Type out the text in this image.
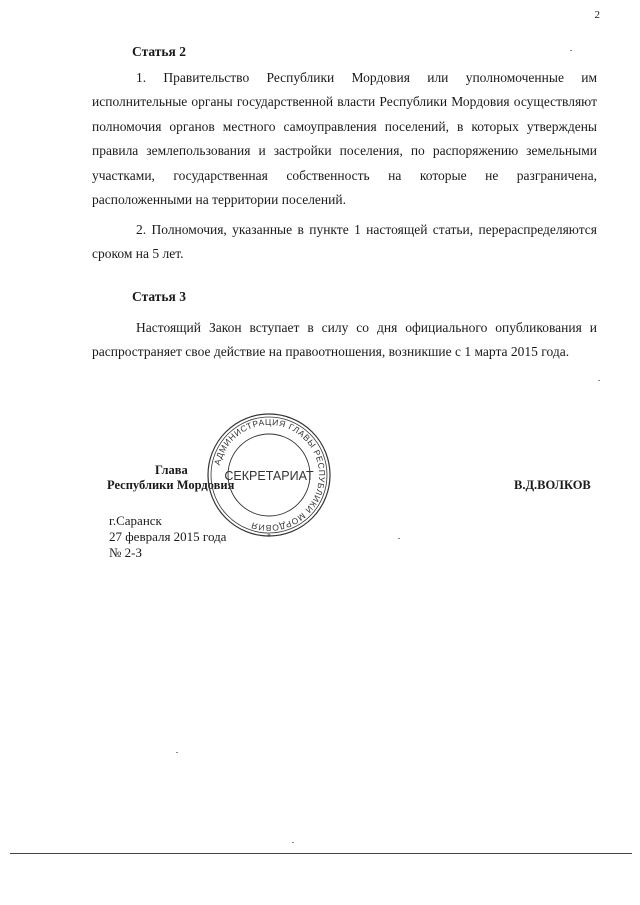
2
Статья 2
1. Правительство Республики Мордовия или уполномоченные им исполнительные органы государственной власти Республики Мордовия осуществляют полномочия органов местного самоуправления поселений, в которых утверждены правила землепользования и застройки поселения, по распоряжению земельными участками, государственная собственность на которые не разграничена, расположенными на территории поселений.
2. Полномочия, указанные в пункте 1 настоящей статьи, перераспределяются сроком на 5 лет.
Статья 3
Настоящий Закон вступает в силу со дня официального опубликования и распространяет свое действие на правоотношения, возникшие с 1 марта 2015 года.
Глава
Республики Мордовия	В.Д.ВОЛКОВ
АДМИНИСТРАЦИЯ ГЛАВЫ РЕСПУБЛИКИ МОРДОВИЯ
*
СЕКРЕТАРИАТ
г.Саранск
27 февраля 2015 года
№ 2-З
